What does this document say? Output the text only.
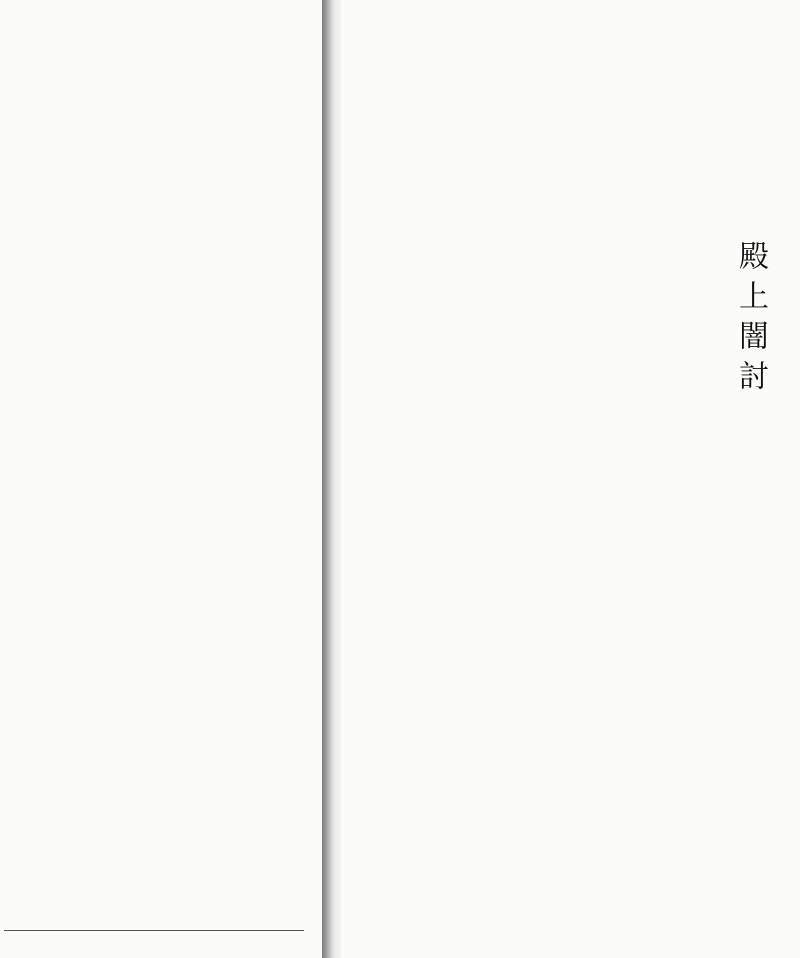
殿上闇討
